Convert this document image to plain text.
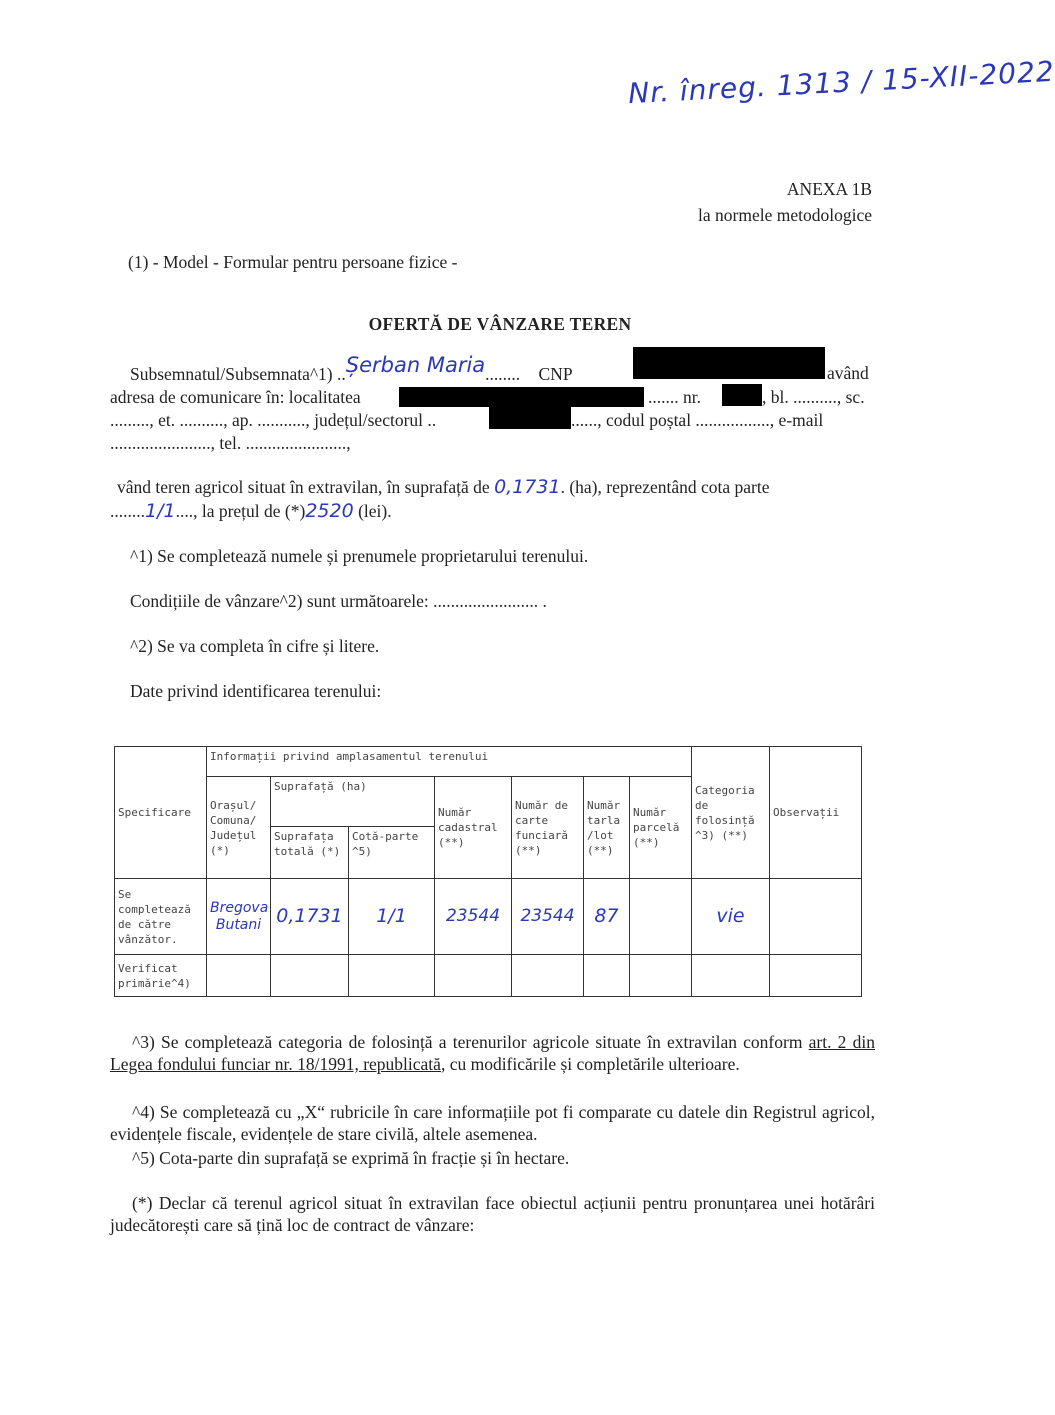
Nr. înreg. 1313 / 15-XII-2022
ANEXA 1B
la normele metodologice
(1) - Model - Formular pentru persoane fizice -
OFERTĂ DE VÂNZARE TEREN
Subsemnatul/Subsemnata^1) ..Șerban Maria........ CNP	având
adresa de comunicare în: localitatea	....... nr.	, bl. .........., sc.
........., et. .........., ap. ..........., județul/sectorul ..	......, codul poștal ................., e-mail
......................., tel. .......................,
vând teren agricol situat în extravilan, în suprafață de 0,1731. (ha), reprezentând cota parte
........1/1...., la prețul de (*)2520 (lei).
^1) Se completează numele și prenumele proprietarului terenului.
Condițiile de vânzare^2) sunt următoarele: ........................ .
^2) Se va completa în cifre și litere.
Date privind identificarea terenului:
Specificare	Informații privind amplasamentul terenului							Categoria de folosință ^3) (**)	Observații
	Orașul/ Comuna/ Județul (*)	Suprafață (ha)		Număr cadastral (**)	Număr de carte funciară (**)	Număr tarla /lot (**)	Număr parcelă (**)		
		Suprafața totală (*)	Cotă-parte ^5)						
Se completează de către vânzător.	Bregova Butani	0,1731	1/1	23544	23544	87		vie	
Verificat primărie^4)									
^3) Se completează categoria de folosință a terenurilor agricole situate în extravilan conform art. 2 din Legea fondului funciar nr. 18/1991, republicată, cu modificările și completările ulterioare.
^4) Se completează cu „X“ rubricile în care informațiile pot fi comparate cu datele din Registrul agricol, evidențele fiscale, evidențele de stare civilă, altele asemenea.
^5) Cota-parte din suprafață se exprimă în fracție și în hectare.
(*) Declar că terenul agricol situat în extravilan face obiectul acțiunii pentru pronunțarea unei hotărâri judecătorești care să țină loc de contract de vânzare:
